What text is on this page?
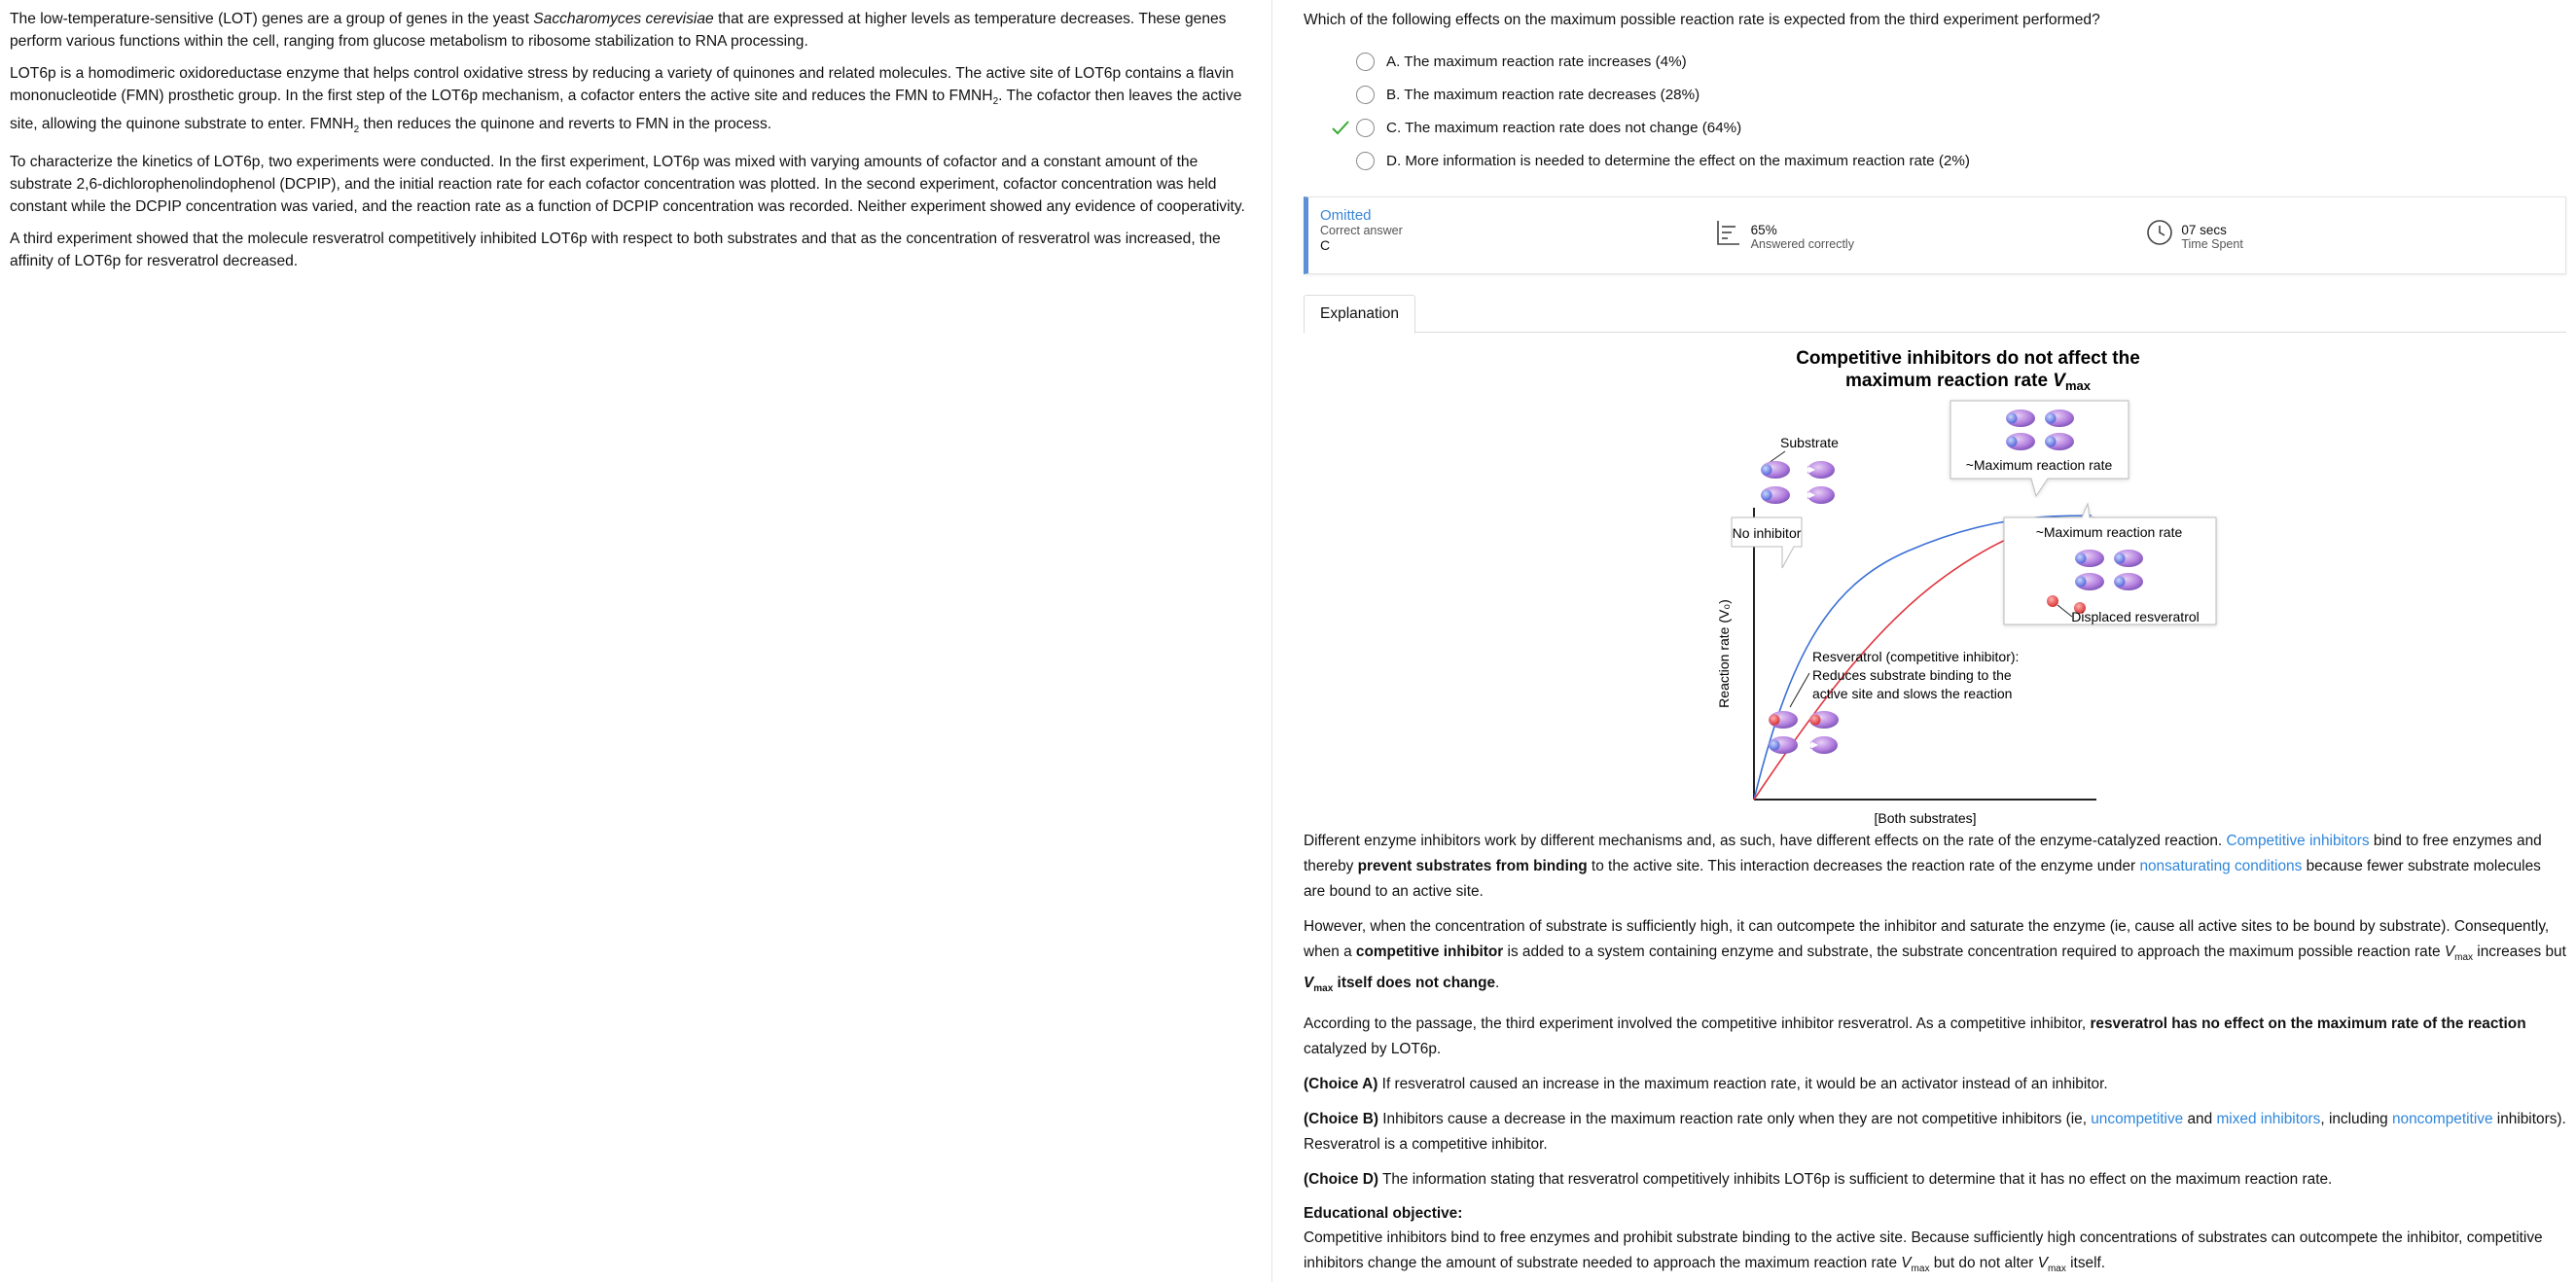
The low-temperature-sensitive (LOT) genes are a group of genes in the yeast Saccharomyces cerevisiae that are expressed at higher levels as temperature decreases. These genes perform various functions within the cell, ranging from glucose metabolism to ribosome stabilization to RNA processing.

LOT6p is a homodimeric oxidoreductase enzyme that helps control oxidative stress by reducing a variety of quinones and related molecules. The active site of LOT6p contains a flavin mononucleotide (FMN) prosthetic group. In the first step of the LOT6p mechanism, a cofactor enters the active site and reduces the FMN to $FMNH_2$. The cofactor then leaves the active site, allowing the quinone substrate to enter. $FMNH_2$ then reduces the quinone and reverts to FMN in the process.

To characterize the kinetics of LOT6p, two experiments were conducted. In the first experiment, LOT6p was mixed with varying amounts of cofactor and a constant amount of the substrate 2,6-dichlorophenolindophenol (DCPIP), and the initial reaction rate for each cofactor concentration was plotted. In the second experiment, cofactor concentration was held constant while the DCPIP concentration was varied, and the reaction rate as a function of DCPIP concentration was recorded. Neither experiment showed any evidence of cooperativity.

A third experiment showed that the molecule resveratrol competitively inhibited LOT6p with respect to both substrates and that as the concentration of resveratrol was increased, the affinity of LOT6p for resveratrol decreased.

Which of the following effects on the maximum possible reaction rate is expected from the third experiment performed?
A. The maximum reaction rate increases (4%)
B. The maximum reaction rate decreases (28%)
C. The maximum reaction rate does not change (64%)
D. More information is needed to determine the effect on the maximum reaction rate (2%)
Omitted
Correct answer
C
65%
Answered correctly
07 secs
Time Spent
Explanation
Competitive inhibitors do not affect the
maximum reaction rate $V_{max}$
Reaction rate (V₀)
[Both substrates]
Substrate
No inhibitor
~Maximum reaction rate
~Maximum reaction rate
Displaced resveratrol
Resveratrol (competitive inhibitor):
Reduces substrate binding to the
active site and slows the reaction

Different enzyme inhibitors work by different mechanisms and, as such, have different effects on the rate of the enzyme-catalyzed reaction. Competitive inhibitors bind to free enzymes and thereby prevent substrates from binding to the active site. This interaction decreases the reaction rate of the enzyme under nonsaturating conditions because fewer substrate molecules are bound to an active site.

However, when the concentration of substrate is sufficiently high, it can outcompete the inhibitor and saturate the enzyme (ie, cause all active sites to be bound by substrate). Consequently, when a competitive inhibitor is added to a system containing enzyme and substrate, the substrate concentration required to approach the maximum possible reaction rate $V_{max}$ increases but $V_{max}$ itself does not change.

According to the passage, the third experiment involved the competitive inhibitor resveratrol. As a competitive inhibitor, resveratrol has no effect on the maximum rate of the reaction catalyzed by LOT6p.

(Choice A) If resveratrol caused an increase in the maximum reaction rate, it would be an activator instead of an inhibitor.

(Choice B) Inhibitors cause a decrease in the maximum reaction rate only when they are not competitive inhibitors (ie, uncompetitive and mixed inhibitors, including noncompetitive inhibitors). Resveratrol is a competitive inhibitor.

(Choice D) The information stating that resveratrol competitively inhibits LOT6p is sufficient to determine that it has no effect on the maximum reaction rate.

Educational objective:

Competitive inhibitors bind to free enzymes and prohibit substrate binding to the active site. Because sufficiently high concentrations of substrates can outcompete the inhibitor, competitive inhibitors change the amount of substrate needed to approach the maximum reaction rate $V_{max}$ but do not alter $V_{max}$ itself.
